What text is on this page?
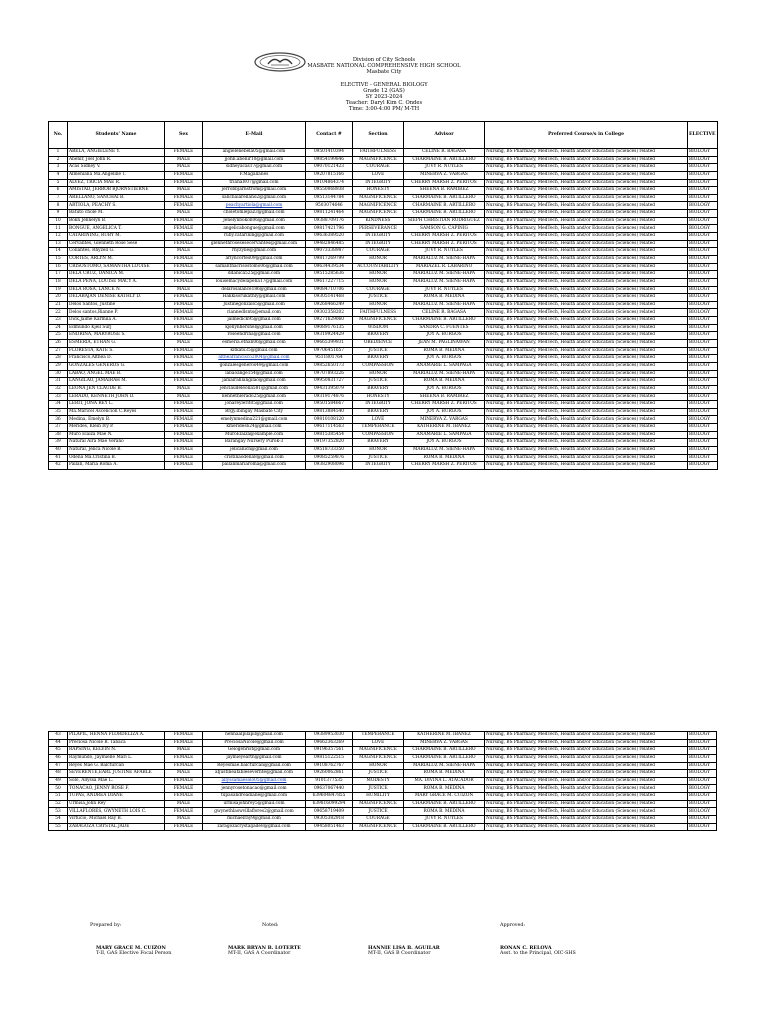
Division of City Schools
MASBATE NATIONAL COMPREHENSIVE HIGH SCHOOL
Masbate City
ELECTIVE - GENERAL BIOLOGY
Grade 12 (GAS)
SY 2023-2024
Teacher: Daryl Kim C. Ondes
Time: 3:00-4:00 PM/ M-TH
No.	Students' Name	Sex	E-Mail	Contact #	Section	Advisor	Preferred Course/s in College	ELECTIVE
1	ABELA, ANGIELENE Y.	FEMALE	angielenebela05@gmail.com	09501410394	FAITHFULNESS	CELINE R. BAGASA	Nursing, BS Pharmacy, MedTech, Health and/or Education (Sciences) related	BIOLOGY
2	Abenir, Joel John R.	MALE	jjohn.abenir10@gmail.com	09854199846	MAGNIFICENCE	CHARMAINE B. ARTILLERO	Nursing, BS Pharmacy, MedTech, Health and/or Education (Sciences) related	BIOLOGY
3	Acas Sidney V.	MALE	sidneyacas17@gmail.com	09070121423	COURAGE	JUVY R. NUYLES	Nursing, BS Pharmacy, MedTech, Health and/or Education (Sciences) related	BIOLOGY
4	Almeniana Ma.Angeline T.	FEMALE	F.Magallanes	09207815166	LOVE	MINERVA Z. VARGAS	Nursing, BS Pharmacy, MedTech, Health and/or Education (Sciences) related	BIOLOGY
5	ALVEZ, TRICIA MAE R.	FEMALE	triahalv07@gmail.com	09104864374	INTEGRITY	CHERRY MARSH Z. PERITOS	Nursing, BS Pharmacy, MedTech, Health and/or Education (Sciences) related	BIOLOGY
6	AMISTAD, JERROB BJORNSTIERNE	MALE	jerrobbjarnstrom@gmail.com	09550068938	HONESTY	SHEENA B. RAMIREZ	Nursing, BS Pharmacy, MedTech, Health and/or Education (Sciences) related	BIOLOGY
7	ARELLANO, SANCHAI B.	FEMALE	sanchaiarellano2@gmail.com	09513144784	MAGNIFICENCE	CHARMAINE B. ARTILLERO	Nursing, BS Pharmacy, MedTech, Health and/or Education (Sciences) related	BIOLOGY
8	ARTIOLA, PEACHY S.	FEMALE	peachyartiola@gmail.com	9503074646	MAGNIFICENCE	CHARMAINE B. ARTILLERO	Nursing, BS Pharmacy, MedTech, Health and/or Education (Sciences) related	BIOLOGY
9	Batuto chole M.	MALE	choletomlepaz3@gmail.com	09811241464	MAGNIFICENCE	CHARMAINE B. ARTILLERO	Nursing, BS Pharmacy, MedTech, Health and/or Education (Sciences) related	BIOLOGY
10	Bokn Jennelyn B.	FEMALE	Jenelynbokon06@gmail.com	09388709176	KINDNESS	SIEPH CHRISTIAN RODRIGUEZ	Nursing, BS Pharmacy, MedTech, Health and/or Education (Sciences) related	BIOLOGY
11	BONGUE, ANGELICA T.	FEMALE	angelicabongue@gmail.com	09817421796	PERSEVERANCE	SAMSON G. CAPINIG	Nursing, BS Pharmacy, MedTech, Health and/or Education (Sciences) related	BIOLOGY
12	CATARINING, RUBY M.	FEMALE	ruby.catarining@gmail.com	09636389520	INTEGRITY	CHERRY MARSH Z. PERITOS	Nursing, BS Pharmacy, MedTech, Health and/or Education (Sciences) related	BIOLOGY
13	Cervantes, Glenneth Rose Sese	FEMALE	glennethrosesesecervantes@gmail.com	09482846485	INTEGRITY	CHERRY MARSH Z. PERITOS	Nursing, BS Pharmacy, MedTech, Health and/or Education (Sciences) related	BIOLOGY
14	Collantes, Rhyzell G.	MALE	rhyzylle@gmail.com	09073338987	COURAGE	JUVY R. NUYLES	Nursing, BS Pharmacy, MedTech, Health and/or Education (Sciences) related	BIOLOGY
15	CORTES, ARLYN M.	FEMALE	arlyncortes09@gmail.com	09817269799	HONOR	MARIALUZ M. SIENE-HAPA	Nursing, BS Pharmacy, MedTech, Health and/or Education (Sciences) related	BIOLOGY
16	CRISOSTOMO, SAMANTHA LOUISE	FEMALE	samanthacrisostomo06@gmail.com	09634439534	ACCOUNTABILITY	MARIAZEL R. LABARIÑO	Nursing, BS Pharmacy, MedTech, Health and/or Education (Sciences) related	BIOLOGY
17	DELA CRUZ, DANICA M.	FEMALE	ddanica525@gmail.com	09515285636	HONOR	MARIALUZ M. SIENE-HAPA	Nursing, BS Pharmacy, MedTech, Health and/or Education (Sciences) related	BIOLOGY
18	DELA PEÑA, LOUISE MACY A.	FEMALE	louisemacydelapena17@gmail.com	09617227715	HONOR	MARIALUZ M. SIENE-HAPA	Nursing, BS Pharmacy, MedTech, Health and/or Education (Sciences) related	BIOLOGY
19	DELA ROSA, LANCE N.	MALE	delarosalance186@gmail.com	09084710706	COURAGE	JUVY R. NUYLES	Nursing, BS Pharmacy, MedTech, Health and/or Education (Sciences) related	BIOLOGY
20	DELABAJAN DENISE KATHLY D.	FEMALE	Hakkisorukathly@gmail.com	09305141468	JUSTICE	ROMA B. MEDINA	Nursing, BS Pharmacy, MedTech, Health and/or Education (Sciences) related	BIOLOGY
21	Delos Santos, Justine	FEMALE	Justinegonzalo5@gmail.com	09268466249	HONOR	MARIALUZ M. SIENE-HAPA	Nursing, BS Pharmacy, MedTech, Health and/or Education (Sciences) related	BIOLOGY
22	Delos santos,Rianne P.	FEMALE	riannedlsnts@email.com	09302358202	FAITHFULNESS	CELINE R. BAGASA	Nursing, BS Pharmacy, MedTech, Health and/or Education (Sciences) related	BIOLOGY
23	Dick,Jaime Karmila A.	FEMALE	jaimedick95@gmail.com	09271629060	MAGNIFICENCE	CHARMAINE B. ARTILLERO	Nursing, BS Pharmacy, MedTech, Health and/or Education (Sciences) related	BIOLOGY
24	Edmundo Kjell Surj	FEMALE	kjellynhershel@gmail.com	09089176135	WISDOM	SANDRA C. FUENTES	Nursing, BS Pharmacy, MedTech, Health and/or Education (Sciences) related	BIOLOGY
25	ENDRINA, MARYROSE S.	FEMALE	roseendrina@gmail.com	09319924429	BRAVERY	JOY A. BURGOS	Nursing, BS Pharmacy, MedTech, Health and/or Education (Sciences) related	BIOLOGY
26	ESMERIA, ETHAN G.	MALE	esmeria.ethan06@gmail.com	09665399931	OBEDIENCE	JEAN M. PAGLINAWAN	Nursing, BS Pharmacy, MedTech, Health and/or Education (Sciences) related	BIOLOGY
27	FLORESTA, KATE S.	FEMALE	kitkats35@gmail.com	09706451657	JUSTICE	ROMA B. MEDINA	Nursing, BS Pharmacy, MedTech, Health and/or Education (Sciences) related	BIOLOGY
28	Francisco,Althea D.	FEMALE	altheafrancisco2004@gmail.com	9511801764	BRAVERY	JOY A. BURGOS	Nursing, BS Pharmacy, MedTech, Health and/or Education (Sciences) related	BIOLOGY
29	GONZALES GENEROS G.	FEMALE	gonzalesgeneros49@gmail.com	09852650173	COMPASSION	ANAMARIE L. SAMPAGA	Nursing, BS Pharmacy, MedTech, Health and/or Education (Sciences) related	BIOLOGY
30	LABAO, ANGEL MAE B.	FEMALE	labaoange154@gmail.com	09707893226	HONOR	MARIALUZ M. SIENE-HAPA	Nursing, BS Pharmacy, MedTech, Health and/or Education (Sciences) related	BIOLOGY
31	LANGILAO, JAMAIRAH M.	FEMALE	jamairahlangilao@gmail.com	09950831727	JUSTICE	ROMA B. MEDINA	Nursing, BS Pharmacy, MedTech, Health and/or Education (Sciences) related	BIOLOGY
32	LEONA JEN CLAUDE B.	MALE	jenclaudeleona581@gmail.com	09431395079	BRAVERY	JOY A. BURGOS	Nursing, BS Pharmacy, MedTech, Health and/or Education (Sciences) related	BIOLOGY
33	LERADO, KENNETH JOHN D.	MALE	kennethlerado25@gmail.com	09319174876	HONESTY	SHEENA B. RAMIREZ	Nursing, BS Pharmacy, MedTech, Health and/or Education (Sciences) related	BIOLOGY
34	LERIT, JONA REY L.	FEMALE	jonareylerit05@gmail.com	09501584667	INTEGRITY	CHERRY MARSH Z. PERITOS	Nursing, BS Pharmacy, MedTech, Health and/or Education (Sciences) related	BIOLOGY
35	Ma.Maricel Ascencion C.Reyes	FEMALE	Brgy.Ibingay Masbate City	09813884540	BRAVERY	JOY A. BURGOS	Nursing, BS Pharmacy, MedTech, Health and/or Education (Sciences) related	BIOLOGY
36	Medina, Emelyn B.	FEMALE	emelynmedina221@gmail.com	09810108120	LOVE	MINERVA Z. VARGAS	Nursing, BS Pharmacy, MedTech, Health and/or Education (Sciences) related	BIOLOGY
37	Merides, Klein Ivy P.	FEMALE	kmerides624@gmail.com	09617114563	TEMPERANCE	KATHERINE M. IBAÑEZ	Nursing, BS Pharmacy, MedTech, Health and/or Education (Sciences) related	BIOLOGY
38	Muro Elaiza Mae N.	FEMALE	MuroElaiza@example.com	09815385454	COMPASSION	ANAMARIE L. SAMPAGA	Nursing, BS Pharmacy, MedTech, Health and/or Education (Sciences) related	BIOLOGY
39	Natural Aira Mae Verano	FEMALE	Barangay Nursery Purok-3	09197352820	BRAVERY	JOY A. BURGOS	Nursing, BS Pharmacy, MedTech, Health and/or Education (Sciences) related	BIOLOGY
40	Natural, Jelica Nicole B.	FEMALE	jelicanicn@gmail.com	09518733350	HONOR	MARIALUZ M. SIENE-HAPA	Nursing, BS Pharmacy, MedTech, Health and/or Education (Sciences) related	BIOLOGY
41	Odena Ma.Cristina B.	FEMALE	cristinaodena8@gmail.com	09085259876	JUSTICE	ROMA B. MEDINA	Nursing, BS Pharmacy, MedTech, Health and/or Education (Sciences) related	BIOLOGY
42	Pallan, Maria Roma A.	FEMALE	pallanmariaroma@gmail.com	09382908096	INTEGRITY	CHERRY MARSH Z. PERITOS	Nursing, BS Pharmacy, MedTech, Health and/or Education (Sciences) related	BIOLOGY
43	PILAPIL, HENNA FLORDELIZA A.	FEMALE	hennaalpilapil@gmail.com	09389953030	TEMPERANCE	KATHERINE M. IBAÑEZ	Nursing, BS Pharmacy, MedTech, Health and/or Education (Sciences) related	BIOLOGY
44	Preciosa Nicole B. Tabaca	FEMALE	PreciosaNicole@gmail.com	09662363269	LOVE	MINERVA Z. VARGAS	Nursing, BS Pharmacy, MedTech, Health and/or Education (Sciences) related	BIOLOGY
45	RAPSING, KELVIN N.	MALE	Gelogehrist@gmail.com	09196357561	MAGNIFICENCE	CHARMAINE B. ARTILLERO	Nursing, BS Pharmacy, MedTech, Health and/or Education (Sciences) related	BIOLOGY
46	Raymundo, Jaymielle Mari L.	FEMALE	jaymieyearth@gmail.com	09815122515	MAGNIFICENCE	CHARMAINE B. ARTILLERO	Nursing, BS Pharmacy, MedTech, Health and/or Education (Sciences) related	BIOLOGY
47	Reyes Mae G. Balcturcan	FEMALE	Reyesmae.balcturcan@gmail.com	09108762767	HONOR	MARIALUZ M. SIENE-HAPA	Nursing, BS Pharmacy, MedTech, Health and/or Education (Sciences) related	BIOLOGY
48	SEVERENTE,EARL JUSTINE AFABLE	MALE	afjustineafablesevernte@gmail.com	09260062861	JUSTICE	ROMA B. MEDINA	Nursing, BS Pharmacy, MedTech, Health and/or Education (Sciences) related	BIOLOGY
49	Solo, Allyssa Mae L.	FEMALE	allyssamaesolo05@gmail.com	9101377535	MODESTY	MA. DIVINA L. ATACADOR	Nursing, BS Pharmacy, MedTech, Health and/or Education (Sciences) related	BIOLOGY
50	TONACAO, JENNY ROSE F.	FEMALE	jennyrosetonacao@gmail.com	09637067440	JUSTICE	ROMA B. MEDINA	Nursing, BS Pharmacy, MedTech, Health and/or Education (Sciences) related	BIOLOGY
51	TUPAS, ANDREA DIANE	FEMALE	tupasandreadiane@gmail.com	639604847855	HUMILITY	MARY GRACE M. CUIZON	Nursing, BS Pharmacy, MedTech, Health and/or Education (Sciences) related	BIOLOGY
52	Urmisa,John Rey	MALE	urmisajohnrey5@gmail.com	639816099294	MAGNIFICENCE	CHARMAINE B. ARTILLERO	Nursing, BS Pharmacy, MedTech, Health and/or Education (Sciences) related	BIOLOGY
53	VILLAFLORES, GWYNETH LOIS C.	FEMALE	gwynethlaswvillaflores2@gmail.com	09658719409	JUSTICE	ROMA B. MEDINA	Nursing, BS Pharmacy, MedTech, Health and/or Education (Sciences) related	BIOLOGY
54	Virtucio, Michael Ray B.	MALE	michaelray9@gmail.com	09305382918	COURAGE	JUVY R. NUYLES	Nursing, BS Pharmacy, MedTech, Health and/or Education (Sciences) related	BIOLOGY
55	ZARAGOZA CRYSTAL JADE	FEMALE	zaragozacrystaljade8@gmail.com	09458051463	MAGNIFICENCE	CHARMAINE B. ARTILLERO	Nursing, BS Pharmacy, MedTech, Health and/or Education (Sciences) related	BIOLOGY
Prepared by:	Noted:	Approved:
MARY GRACE M. CUIZON
T-II, GAS Elective Focal Person
MARK BRYAN B. LOTERTE
MT-II, GAS A Coordinator
HANNIE LISA B. AGUILAR
MT-II, GAS B Coordinator
RONAN C. RELOVA
Asst. to the Principal, OIC-SHS
